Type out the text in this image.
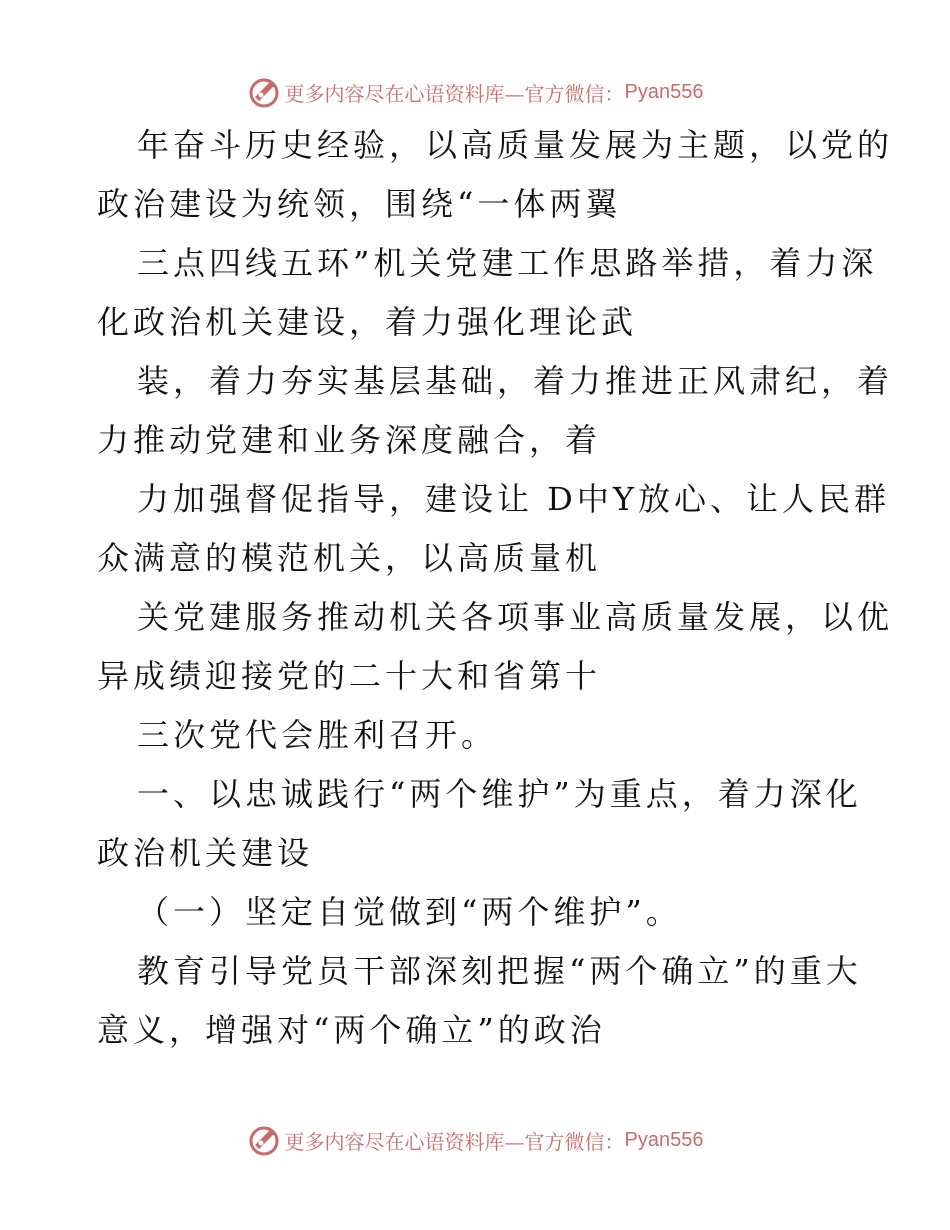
更多内容尽在心语资料库—官方微信： Pyan556
年奋斗历史经验，以高质量发展为主题，以党的
政治建设为统领，围绕“一体两翼
三点四线五环”机关党建工作思路举措，着力深
化政治机关建设，着力强化理论武
装，着力夯实基层基础，着力推进正风肃纪，着
力推动党建和业务深度融合，着
力加强督促指导，建设让 D中Y放心、让人民群
众满意的模范机关，以高质量机
关党建服务推动机关各项事业高质量发展，以优
异成绩迎接党的二十大和省第十
三次党代会胜利召开。
一、以忠诚践行“两个维护”为重点，着力深化
政治机关建设
（一）坚定自觉做到“两个维护”。
教育引导党员干部深刻把握“两个确立”的重大
意义，增强对“两个确立”的政治
更多内容尽在心语资料库—官方微信： Pyan556
